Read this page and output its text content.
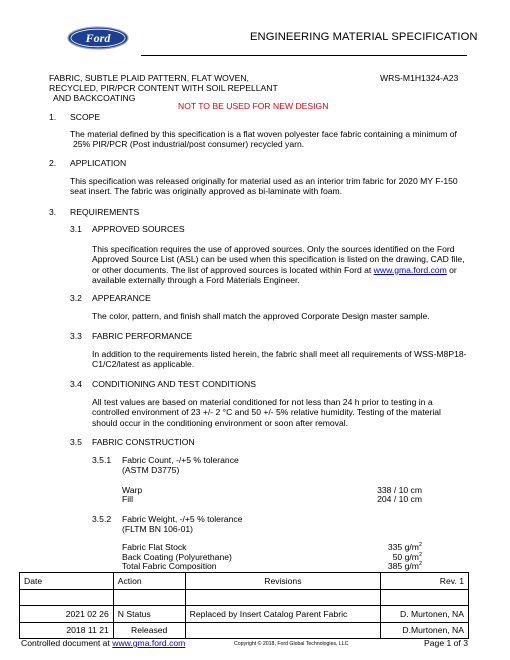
Ford	ENGINEERING MATERIAL SPECIFICATION
FABRIC, SUBTLE PLAID PATTERN, FLAT WOVEN,
RECYCLED, PIR/PCR CONTENT WITH SOIL REPELLANT
AND BACKCOATING
WRS-M1H1324-A23
NOT TO BE USED FOR NEW DESIGN
1. SCOPE
The material defined by this specification is a flat woven polyester face fabric containing a minimum of
25% PIR/PCR (Post industrial/post consumer) recycled yarn.
2. APPLICATION
This specification was released originally for material used as an interior trim fabric for 2020 MY F-150
seat insert. The fabric was originally approved as bi-laminate with foam.
3. REQUIREMENTS
3.1 APPROVED SOURCES
This specification requires the use of approved sources. Only the sources identified on the Ford
Approved Source List (ASL) can be used when this specification is listed on the drawing, CAD file,
or other documents. The list of approved sources is located within Ford at www.gma.ford.com or
available externally through a Ford Materials Engineer.
3.2 APPEARANCE
The color, pattern, and finish shall match the approved Corporate Design master sample.
3.3 FABRIC PERFORMANCE
In addition to the requirements listed herein, the fabric shall meet all requirements of WSS-M8P18-
C1/C2/latest as applicable.
3.4 CONDITIONING AND TEST CONDITIONS
All test values are based on material conditioned for not less than 24 h prior to testing in a
controlled environment of 23 +/- 2 °C and 50 +/- 5% relative humidity. Testing of the material
should occur in the conditioning environment or soon after removal.
3.5 FABRIC CONSTRUCTION
3.5.1 Fabric Count, -/+5 % tolerance
(ASTM D3775)
Warp	338 / 10 cm
Fill	204 / 10 cm
3.5.2 Fabric Weight, -/+5 % tolerance
(FLTM BN 106-01)
Fabric Flat Stock	335 $g/m^2$
Back Coating (Polyurethane)	50 $g/m^2$
Total Fabric Composition	385 $g/m^2$
Date	Action	Revisions	Rev. 1

2021 02 26	N Status	Replaced by Insert Catalog Parent Fabric	D. Murtonen, NA
2018 11 21	Released		D.Murtonen, NA
Controlled document at www.gma.ford.com	Copyright © 2018, Ford Global Technologies, LLC	Page 1 of 3
